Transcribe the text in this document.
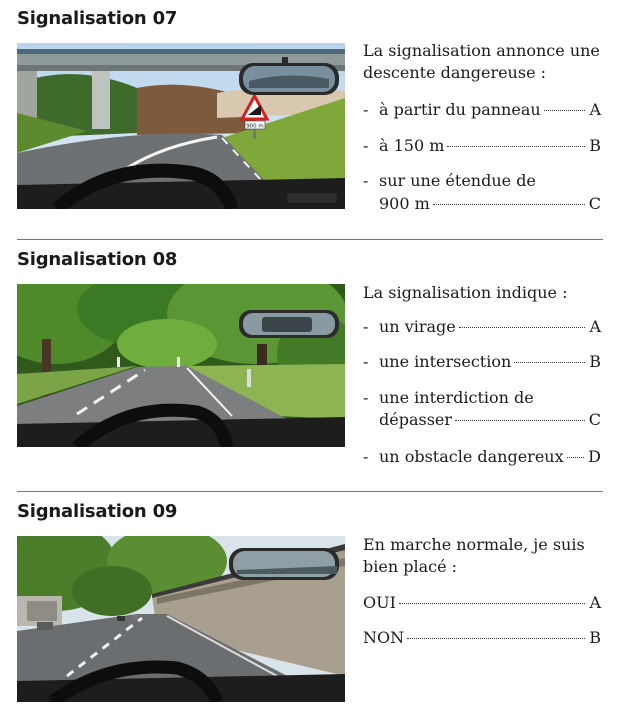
Signalisation 07
900 m
La signalisation annonce une descente dangereuse :
- à partir du panneau	A
- à 150 m	B
- sur une étendue de
900 m	C
Signalisation 08
La signalisation indique :
- un virage	A
- une intersection	B
- une interdiction de
dépasser	C
- un obstacle dangereux D
Signalisation 09
En marche normale, je suis bien placé :
OUI	A
NON	B
